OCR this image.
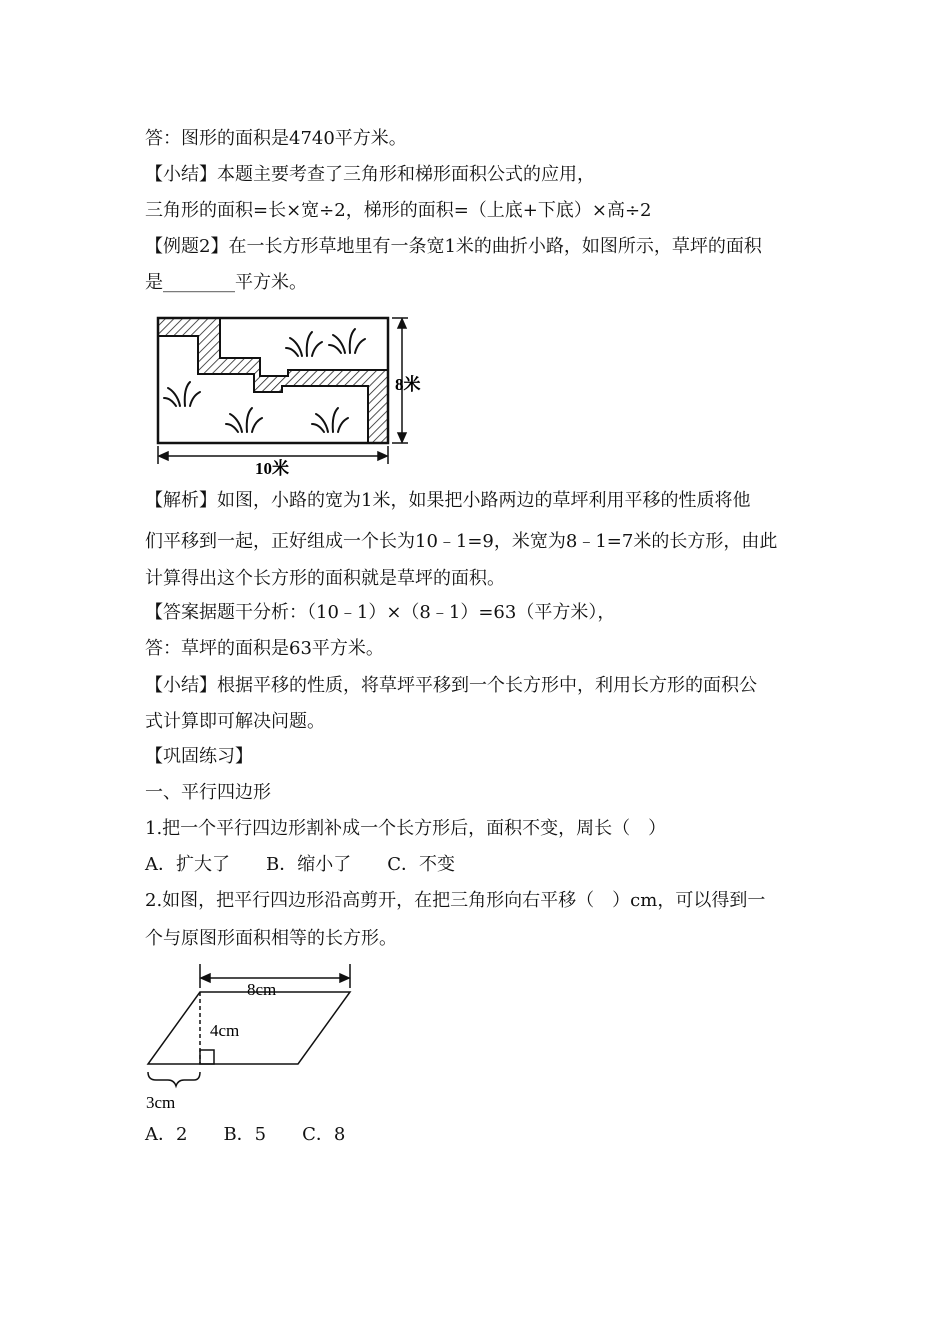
答：图形的面积是4740平方米。
【小结】本题主要考查了三角形和梯形面积公式的应用，
三角形的面积=长×宽÷2，梯形的面积=（上底+下底）×高÷2
【例题2】在一长方形草地里有一条宽1米的曲折小路，如图所示，草坪的面积
是________平方米。
8米
10米
【解析】如图，小路的宽为1米，如果把小路两边的草坪利用平移的性质将他
们平移到一起，正好组成一个长为10﹣1=9，米宽为8﹣1=7米的长方形，由此
计算得出这个长方形的面积就是草坪的面积。
【答案据题干分析：（10﹣1）×（8﹣1）=63（平方米），
答：草坪的面积是63平方米。
【小结】根据平移的性质，将草坪平移到一个长方形中，利用长方形的面积公
式计算即可解决问题。
【巩固练习】
一、平行四边形
1.把一个平行四边形割补成一个长方形后，面积不变，周长（　）
A．扩大了　　B．缩小了　　C．不变
2.如图，把平行四边形沿高剪开，在把三角形向右平移（　）cm，可以得到一
个与原图形面积相等的长方形。
8cm
4cm
3cm
A．2　　B．5　　C．8
